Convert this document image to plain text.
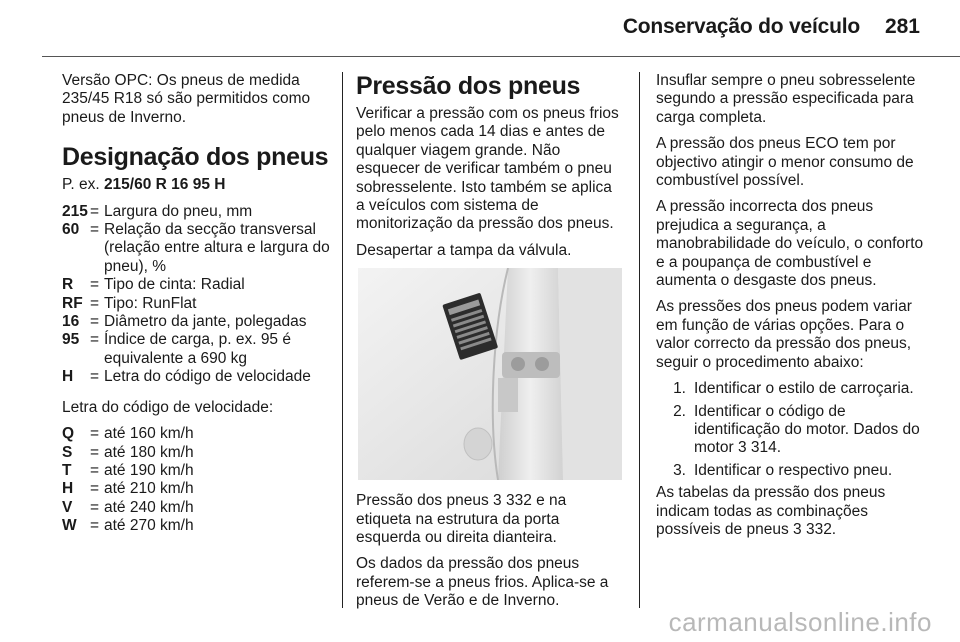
Conservação do veículo 281

Versão OPC: Os pneus de medida 235/45 R18 só são permitidos como pneus de Inverno.

Designação dos pneus

P. ex. 215/60 R 16 95 H

215 = Largura do pneu, mm
60 = Relação da secção transversal (relação entre altura e largura do pneu), %
R	= Tipo de cinta: Radial
RF = Tipo: RunFlat
16 = Diâmetro da jante, polegadas
95 = Índice de carga, p. ex. 95 é equivalente a 690 kg
H	= Letra do código de velocidade

Letra do código de velocidade:

Q	= até 160 km/h
S	= até 180 km/h
T	= até 190 km/h
H	= até 210 km/h
V	= até 240 km/h
W = até 270 km/h
Pressão dos pneus

Verificar a pressão com os pneus frios pelo menos cada 14 dias e antes de qualquer viagem grande. Não esquecer de verificar também o pneu sobresselente. Isto também se aplica a veículos com sistema de monitorização da pressão dos pneus.

Desapertar a tampa da válvula.

Pressão dos pneus 3 332 e na etiqueta na estrutura da porta esquerda ou direita dianteira.

Os dados da pressão dos pneus referem-se a pneus frios. Aplica-se a pneus de Verão e de Inverno.

Insuflar sempre o pneu sobresselente segundo a pressão especificada para carga completa.

A pressão dos pneus ECO tem por objectivo atingir o menor consumo de combustível possível.

A pressão incorrecta dos pneus prejudica a segurança, a manobrabilidade do veículo, o conforto e a poupança de combustível e aumenta o desgaste dos pneus.

As pressões dos pneus podem variar em função de várias opções. Para o valor correcto da pressão dos pneus, seguir o procedimento abaixo:

1. Identificar o estilo de carroçaria.
2. Identificar o código de identificação do motor. Dados do motor 3 314.
3. Identificar o respectivo pneu.

As tabelas da pressão dos pneus indicam todas as combinações possíveis de pneus 3 332.

carmanualsonline.info
